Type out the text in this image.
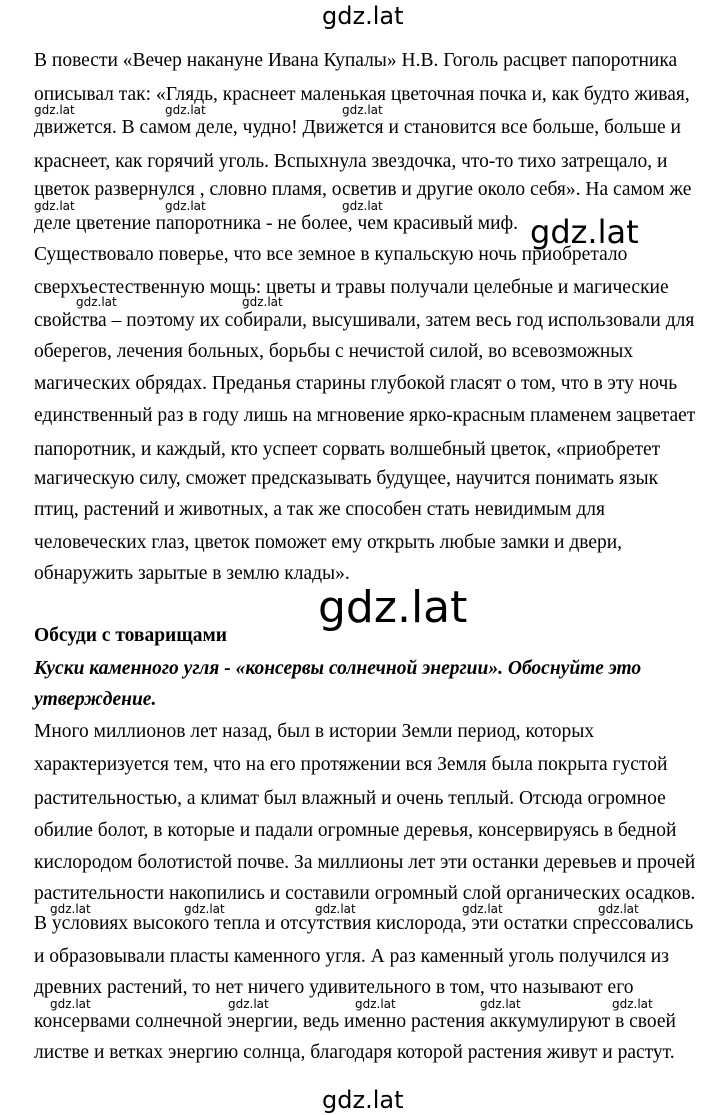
gdz.lat
gdz.lat	gdz.lat	gdz.lat
gdz.lat	gdz.lat	gdz.lat
gdz.lat
gdz.lat	gdz.lat
gdz.lat
gdz.lat	gdz.lat	gdz.lat	gdz.lat	gdz.lat
gdz.lat	gdz.lat	gdz.lat	gdz.lat	gdz.lat
gdz.lat
В повести «Вечер накануне Ивана Купалы» Н.В. Гоголь расцвет папоротника
описывал так: «Глядь, краснеет маленькая цветочная почка и, как будто живая,
движется. В самом деле, чудно! Движется и становится все больше, больше и
краснеет, как горячий уголь. Вспыхнула звездочка, что-то тихо затрещало, и
цветок развернулся , словно пламя, осветив и другие около себя». На самом же
деле цветение папоротника - не более, чем красивый миф.
Существовало поверье, что все земное в купальскую ночь приобретало
сверхъестественную мощь: цветы и травы получали целебные и магические
свойства – поэтому их собирали, высушивали, затем весь год использовали для
оберегов, лечения больных, борьбы с нечистой силой, во всевозможных
магических обрядах. Преданья старины глубокой гласят о том, что в эту ночь
единственный раз в году лишь на мгновение ярко-красным пламенем зацветает
папоротник, и каждый, кто успеет сорвать волшебный цветок, «приобретет
магическую силу, сможет предсказывать будущее, научится понимать язык
птиц, растений и животных, а так же способен стать невидимым для
человеческих глаз, цветок поможет ему открыть любые замки и двери,
обнаружить зарытые в землю клады».
Обсуди с товарищами
Куски каменного угля - «консервы солнечной энергии». Обоснуйте это
утверждение.
Много миллионов лет назад, был в истории Земли период, которых
характеризуется тем, что на его протяжении вся Земля была покрыта густой
растительностью, а климат был влажный и очень теплый. Отсюда огромное
обилие болот, в которые и падали огромные деревья, консервируясь в бедной
кислородом болотистой почве. За миллионы лет эти останки деревьев и прочей
растительности накопились и составили огромный слой органических осадков.
В условиях высокого тепла и отсутствия кислорода, эти остатки спрессовались
и образовывали пласты каменного угля. А раз каменный уголь получился из
древних растений, то нет ничего удивительного в том, что называют его
консервами солнечной энергии, ведь именно растения аккумулируют в своей
листве и ветках энергию солнца, благодаря которой растения живут и растут.
